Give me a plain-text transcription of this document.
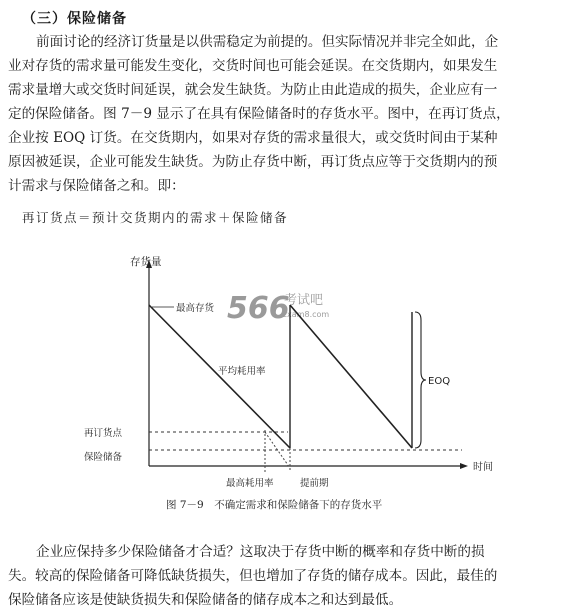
（三）保险储备
前面讨论的经济订货量是以供需稳定为前提的。但实际情况并非完全如此，企
业对存货的需求量可能发生变化，交货时间也可能会延误。在交货期内，如果发生
需求量增大或交货时间延误，就会发生缺货。为防止由此造成的损失，企业应有一
定的保险储备。图 7－9 显示了在具有保险储备时的存货水平。图中，在再订货点，
企业按 EOQ 订货。在交货期内，如果对存货的需求量很大，或交货时间由于某种
原因被延误，企业可能发生缺货。为防止存货中断，再订货点应等于交货期内的预
计需求与保险储备之和。即：
再订货点＝预计交货期内的需求＋保险储备
存货量
时间
再订货点
保险储备
EOQ
最高存货
平均耗用率
最高耗用率	提前期
566
考试吧
Exam8.com
图 7－9　不确定需求和保险储备下的存货水平
企业应保持多少保险储备才合适？这取决于存货中断的概率和存货中断的损
失。较高的保险储备可降低缺货损失，但也增加了存货的储存成本。因此，最佳的
保险储备应该是使缺货损失和保险储备的储存成本之和达到最低。
